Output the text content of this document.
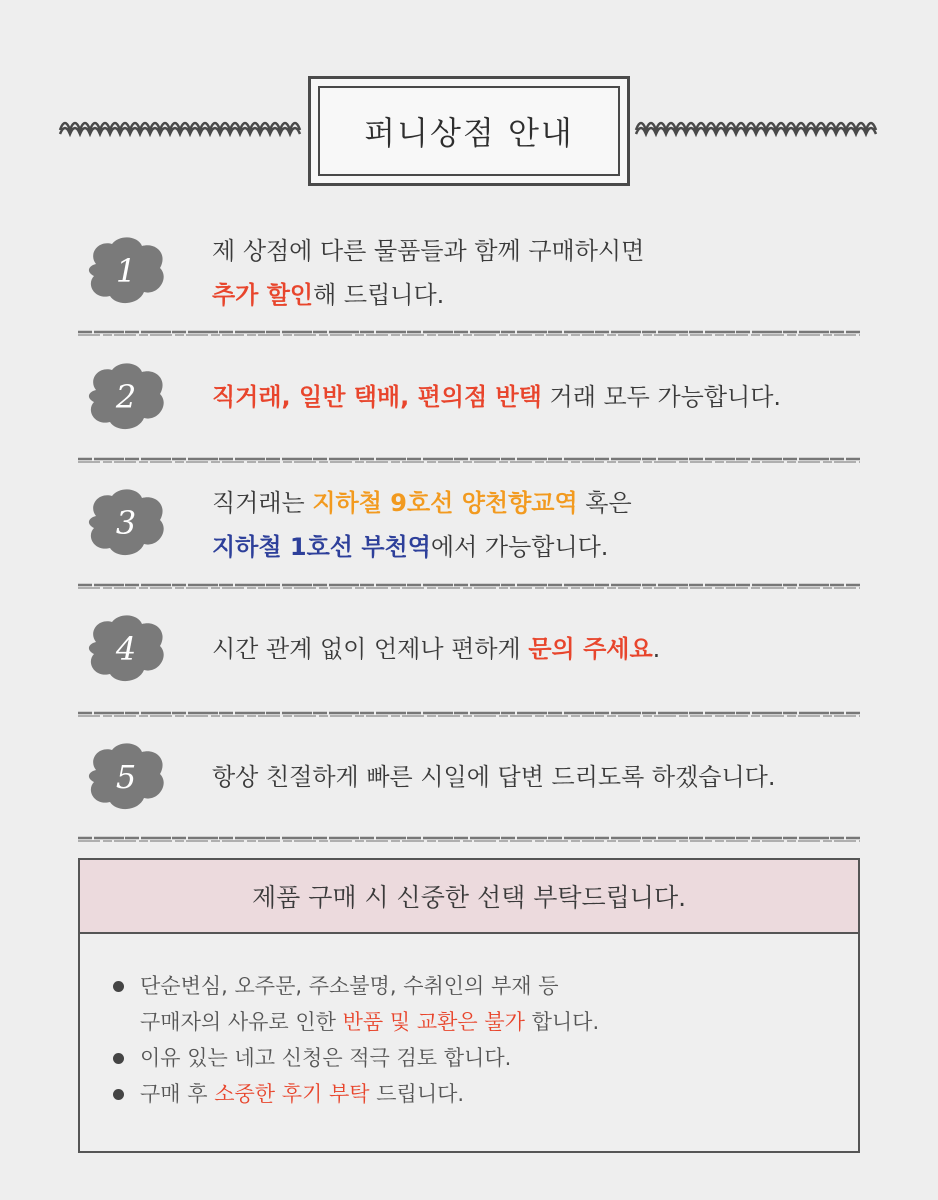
퍼니상점 안내
1
제 상점에 다른 물품들과 함께 구매하시면
추가 할인해 드립니다.
2	직거래, 일반 택배, 편의점 반택 거래 모두 가능합니다.
3
직거래는 지하철 9호선 양천향교역 혹은
지하철 1호선 부천역에서 가능합니다.
4	시간 관계 없이 언제나 편하게 문의 주세요.
5	항상 친절하게 빠른 시일에 답변 드리도록 하겠습니다.
제품 구매 시 신중한 선택 부탁드립니다.
단순변심, 오주문, 주소불명, 수취인의 부재 등
구매자의 사유로 인한 반품 및 교환은 불가 합니다.
이유 있는 네고 신청은 적극 검토 합니다.
구매 후 소중한 후기 부탁 드립니다.
